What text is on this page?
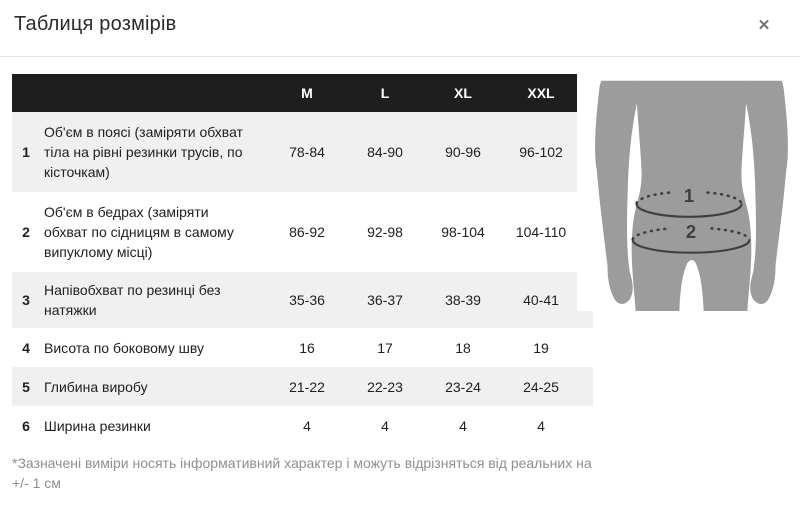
Таблиця розмірів	✕
		M	L	XL	XXL	
1	Об'єм в поясі (заміряти обхват тіла на рівні резинки трусів, по кісточкам)	78-84	84-90	90-96	96-102	
2	Об'єм в бедрах (заміряти обхват по сідницям в самому випуклому місці)	86-92	92-98	98-104	104-110	
3	Напівобхват по резинці без натяжки	35-36	36-37	38-39	40-41	
4	Висота по боковому шву	16	17	18	19	
5	Глибина виробу	21-22	22-23	23-24	24-25	
6	Ширина резинки	4	4	4	4	
*Зазначені виміри носять інформативний характер і можуть відрізняться від реальних на +/- 1 см
1
2
